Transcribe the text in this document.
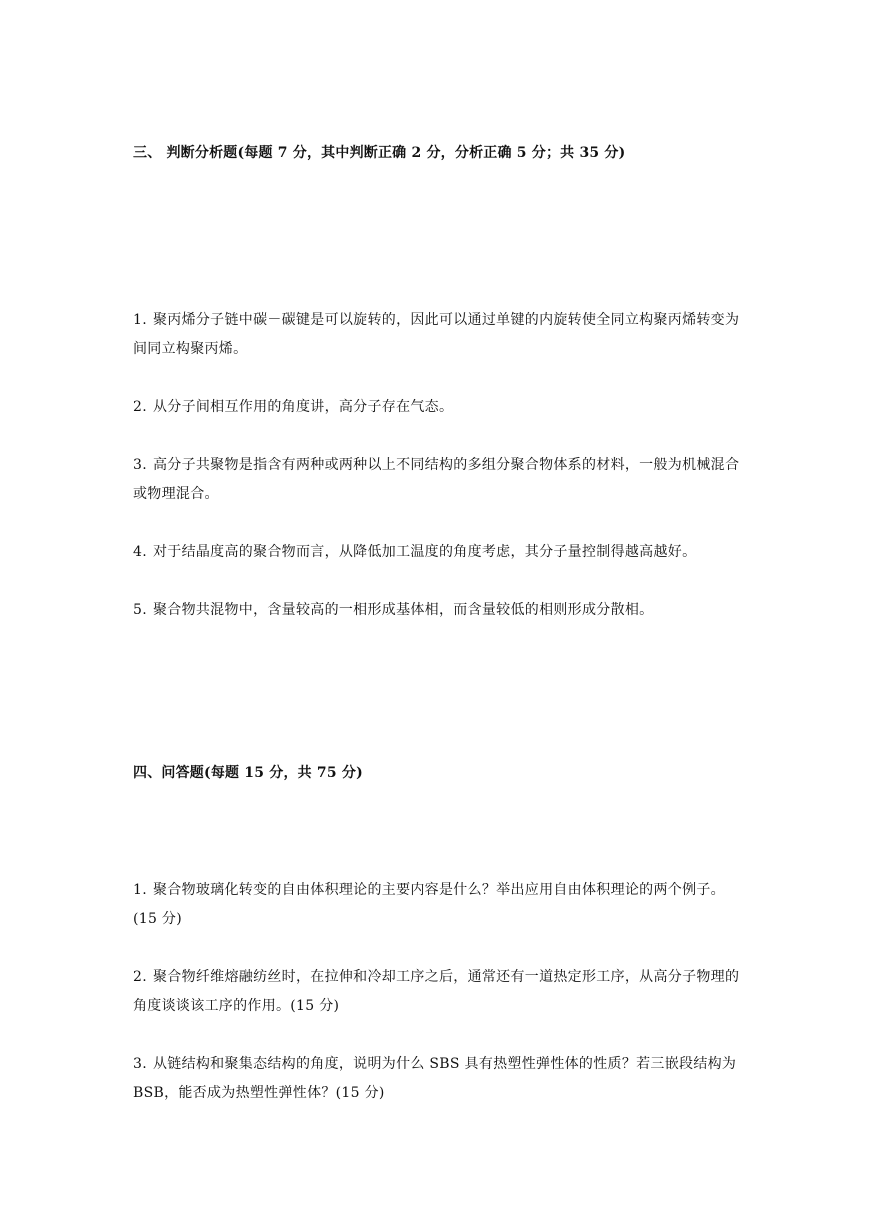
三、 判断分析题(每题 7 分，其中判断正确 2 分，分析正确 5 分；共 35 分)
1. 聚丙烯分子链中碳－碳键是可以旋转的，因此可以通过单键的内旋转使全同立构聚丙烯转变为间同立构聚丙烯。
2. 从分子间相互作用的角度讲，高分子存在气态。
3. 高分子共聚物是指含有两种或两种以上不同结构的多组分聚合物体系的材料，一般为机械混合或物理混合。
4. 对于结晶度高的聚合物而言，从降低加工温度的角度考虑，其分子量控制得越高越好。
5. 聚合物共混物中，含量较高的一相形成基体相，而含量较低的相则形成分散相。
四、问答题(每题 15 分，共 75 分)
1. 聚合物玻璃化转变的自由体积理论的主要内容是什么？举出应用自由体积理论的两个例子。(15 分)
2. 聚合物纤维熔融纺丝时，在拉伸和冷却工序之后，通常还有一道热定形工序，从高分子物理的角度谈谈该工序的作用。(15 分)
3. 从链结构和聚集态结构的角度，说明为什么 SBS 具有热塑性弹性体的性质？若三嵌段结构为 BSB，能否成为热塑性弹性体？(15 分)
